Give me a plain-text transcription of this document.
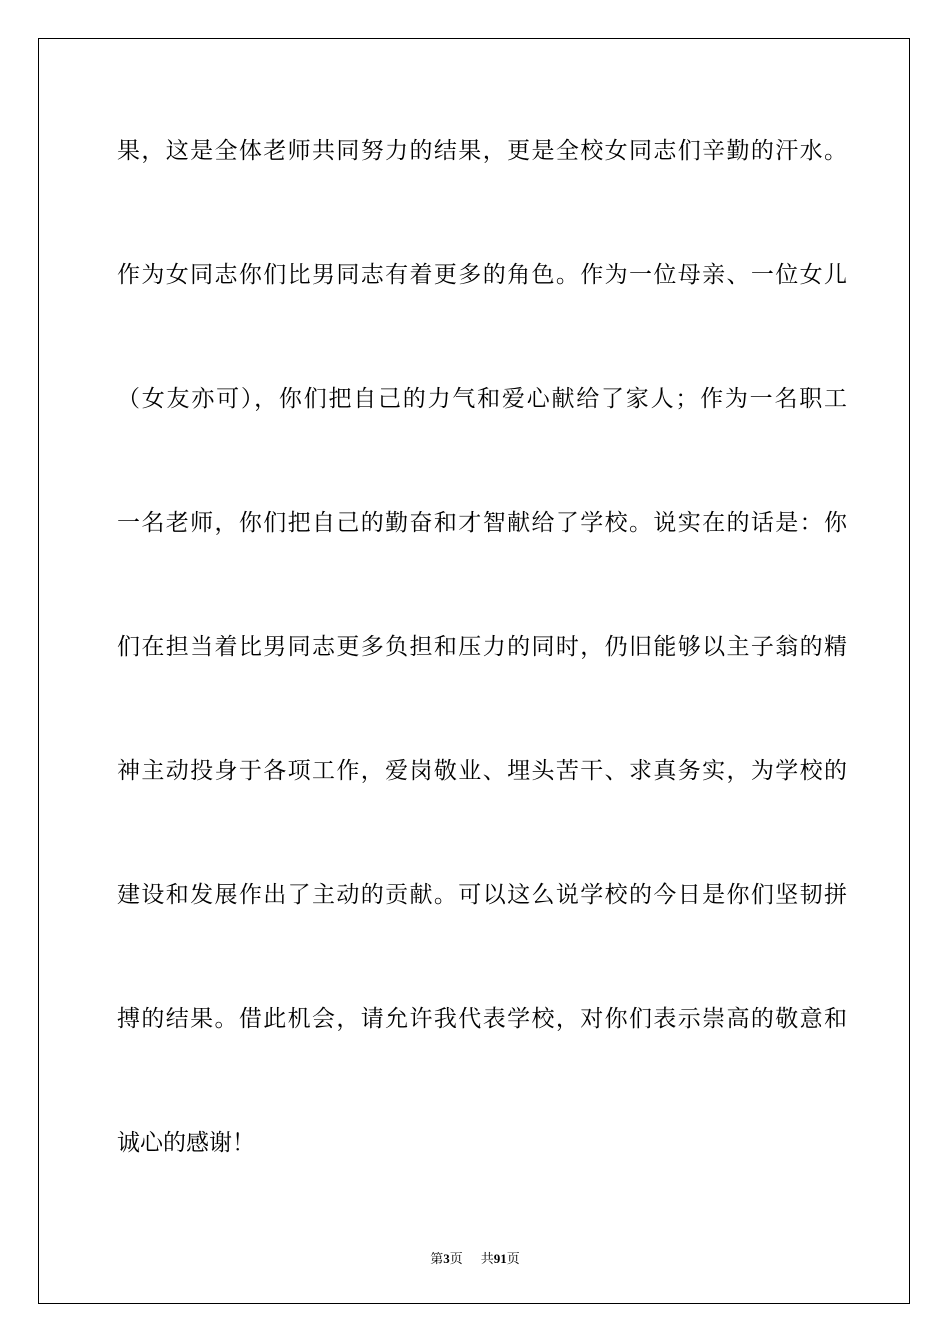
果，这是全体老师共同努力的结果，更是全校女同志们辛勤的汗水。
作为女同志你们比男同志有着更多的角色。作为一位母亲、一位女儿
（女友亦可），你们把自己的力气和爱心献给了家人；作为一名职工
一名老师，你们把自己的勤奋和才智献给了学校。说实在的话是：你
们在担当着比男同志更多负担和压力的同时，仍旧能够以主子翁的精
神主动投身于各项工作，爱岗敬业、埋头苦干、求真务实，为学校的
建设和发展作出了主动的贡献。可以这么说学校的今日是你们坚韧拼
搏的结果。借此机会，请允许我代表学校，对你们表示崇高的敬意和
诚心的感谢！
第3页 共91页
